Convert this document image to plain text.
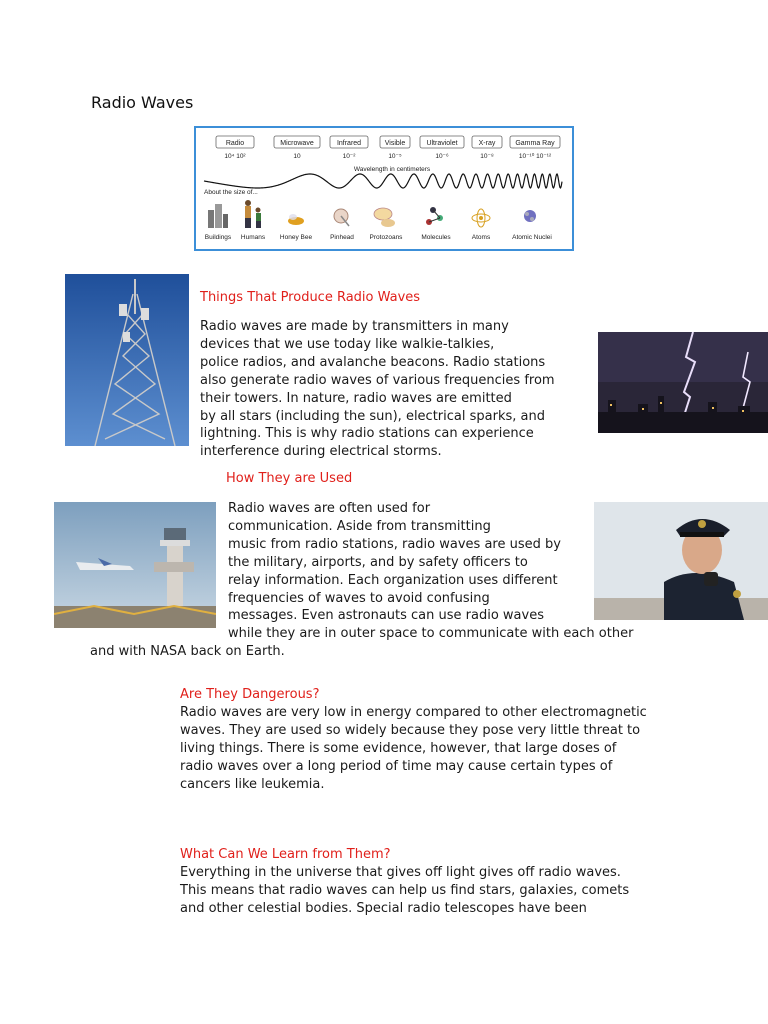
Radio Waves
Radio
10⁴ 10²
Microwave
10
Infrared
10⁻²
Visible
10⁻⁵
Ultraviolet
10⁻⁶
X-ray
10⁻⁸
Gamma Ray
10⁻¹⁰ 10⁻¹²
Wavelength in centimeters
About the size of...
Buildings Humans Honey Bee	Pinhead Protozoans	Molecules	Atoms	Atomic Nuclei
Things That Produce Radio Waves
Radio waves are made by transmitters in many
devices that we use today like walkie-talkies,
police radios, and avalanche beacons. Radio stations
also generate radio waves of various frequencies from
their towers. In nature, radio waves are emitted
by all stars (including the sun), electrical sparks, and
lightning. This is why radio stations can experience
interference during electrical storms.
How They are Used
Radio waves are often used for
communication. Aside from transmitting
music from radio stations, radio waves are used by
the military, airports, and by safety officers to
relay information. Each organization uses different
frequencies of waves to avoid confusing
messages. Even astronauts can use radio waves
while they are in outer space to communicate with each other
and with NASA back on Earth.
Are They Dangerous?
Radio waves are very low in energy compared to other electromagnetic
waves. They are used so widely because they pose very little threat to
living things. There is some evidence, however, that large doses of
radio waves over a long period of time may cause certain types of
cancers like leukemia.
What Can We Learn from Them?
Everything in the universe that gives off light gives off radio waves.
This means that radio waves can help us find stars, galaxies, comets
and other celestial bodies. Special radio telescopes have been
